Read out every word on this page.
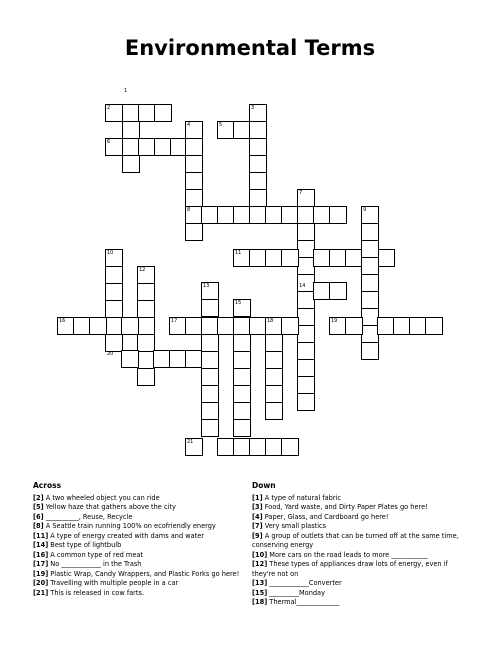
Environmental Terms
1
2	3
4	5
6
7
8	9
10	11
12
13	14
15
16	17	18	19
20
21
Across

[2] A two wheeled object you can ride

[5] Yellow haze that gathers above the city

[6] __________, Reuse, Recycle

[8] A Seattle train running 100% on ecofriendly energy

[11] A type of energy created with dams and water

[14] Best type of lightbulb

[16] A common type of red meat

[17] No ____________ in the Trash

[19] Plastic Wrap, Candy Wrappers, and Plastic Forks go here!

[20] Travelling with multiple people in a car

[21] This is released in cow farts.

Down

[1] A type of natural fabric

[3] Food, Yard waste, and Dirty Paper Plates go here!

[4] Paper, Glass, and Cardboard go here!

[7] Very small plastics

[9] A group of outlets that can be turned off at the same time, conserving energy

[10] More cars on the road leads to more ___________

[12] These types of appliances draw lots of energy, even if they're not on

[13] ____________Converter

[15] _________Monday

[18] Thermal_____________
